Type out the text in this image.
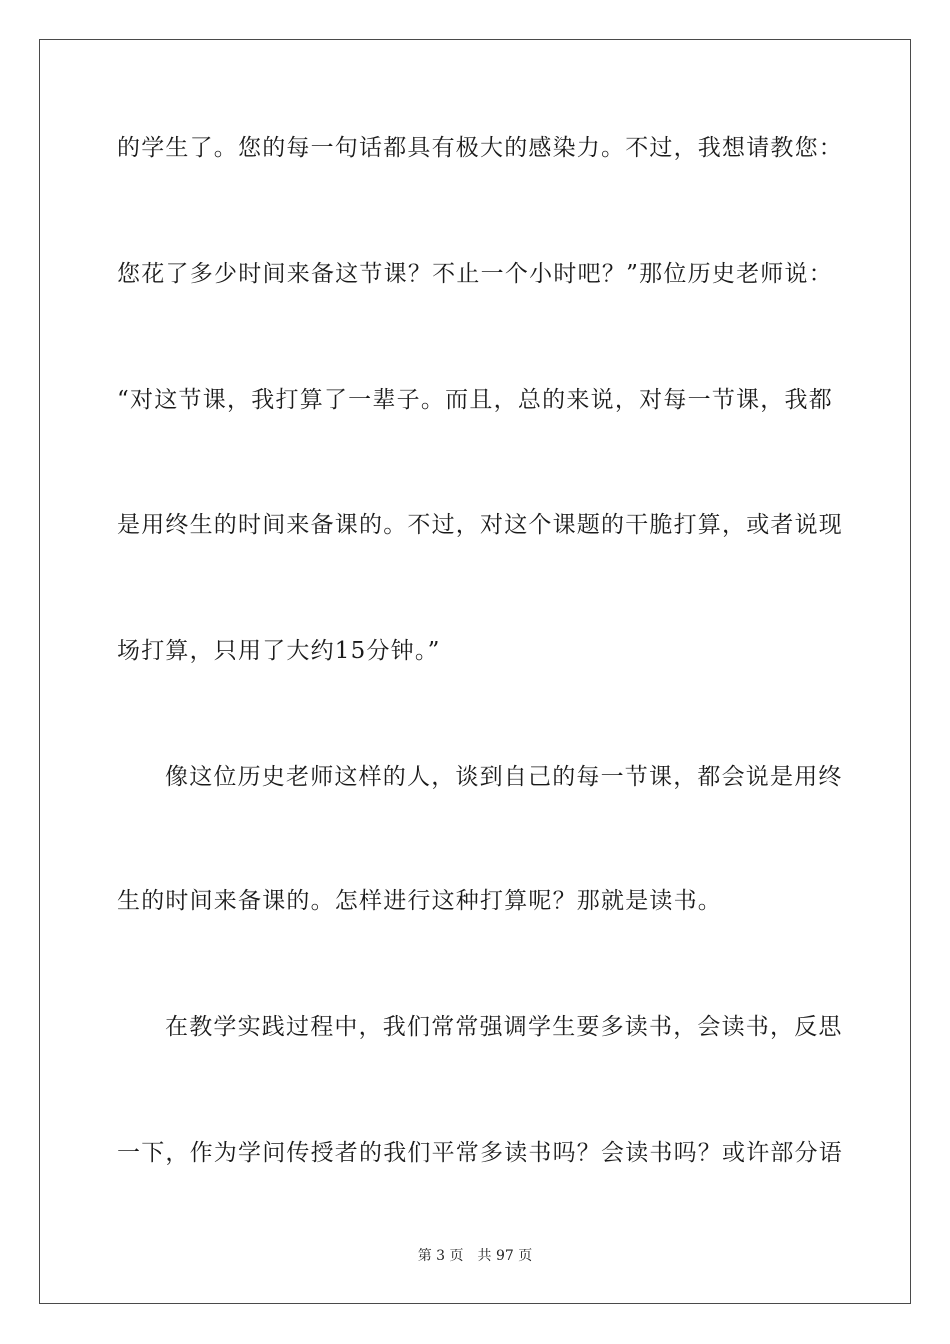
的学生了。您的每一句话都具有极大的感染力。不过，我想请教您：
您花了多少时间来备这节课？不止一个小时吧？”那位历史老师说：
“对这节课，我打算了一辈子。而且，总的来说，对每一节课，我都
是用终生的时间来备课的。不过，对这个课题的干脆打算，或者说现
场打算，只用了大约15分钟。”
像这位历史老师这样的人，谈到自己的每一节课，都会说是用终
生的时间来备课的。怎样进行这种打算呢？那就是读书。
在教学实践过程中，我们常常强调学生要多读书，会读书，反思
一下，作为学问传授者的我们平常多读书吗？会读书吗？或许部分语
第 3 页 共 97 页
